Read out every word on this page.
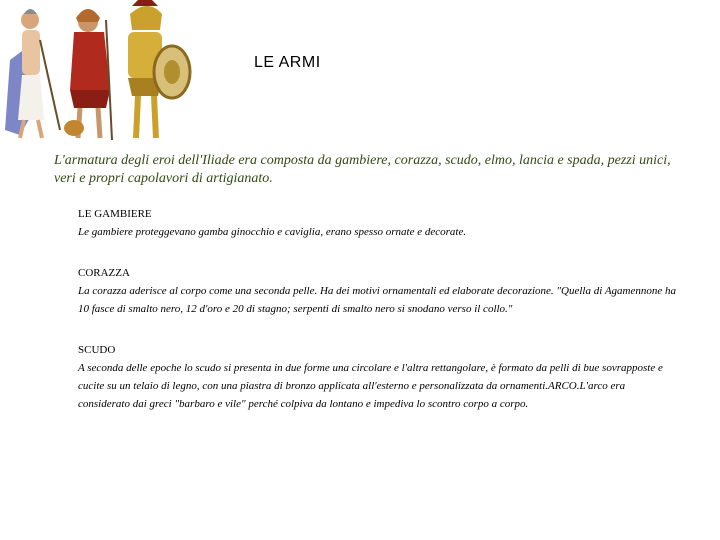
LE ARMI
L'armatura degli eroi dell'Iliade era composta da gambiere, corazza, scudo, elmo, lancia e spada, pezzi unici, veri e propri capolavori di artigianato.
LE GAMBIERE
Le gambiere proteggevano gamba ginocchio e caviglia, erano spesso ornate e decorate.
CORAZZA
La corazza aderisce al corpo come una seconda pelle. Ha dei motivi ornamentali ed elaborate decorazione. "Quella di Agamennone ha 10 fasce di smalto nero, 12 d'oro e 20 di stagno; serpenti di smalto nero si snodano verso il collo."
SCUDO
A seconda delle epoche lo scudo si presenta in due forme una circolare e l'altra rettangolare, è formato da pelli di bue sovrapposte e cucite su un telaio di legno, con una piastra di bronzo applicata all'esterno e personalizzata da ornamenti.ARCO.L'arco era considerato dai greci "barbaro e vile" perché colpiva da lontano e impediva lo scontro corpo a corpo.
